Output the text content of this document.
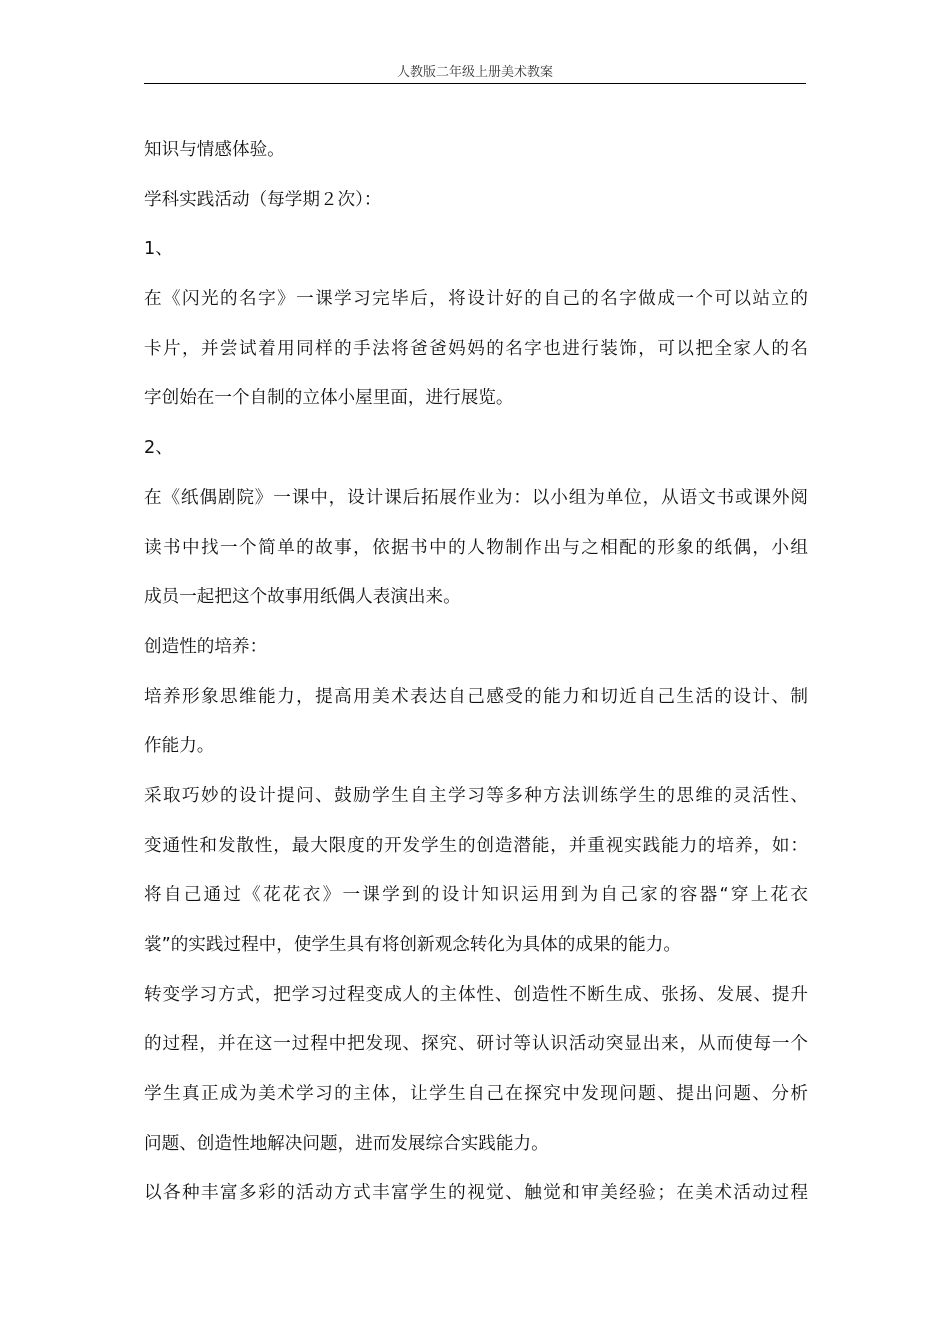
人教版二年级上册美术教案
知识与情感体验。
学科实践活动（每学期２次）：
1、
在《闪光的名字》一课学习完毕后，将设计好的自己的名字做成一个可以站立的
卡片，并尝试着用同样的手法将爸爸妈妈的名字也进行装饰，可以把全家人的名
字创始在一个自制的立体小屋里面，进行展览。
2、
在《纸偶剧院》一课中，设计课后拓展作业为：以小组为单位，从语文书或课外阅
读书中找一个简单的故事，依据书中的人物制作出与之相配的形象的纸偶，小组
成员一起把这个故事用纸偶人表演出来。
创造性的培养：
培养形象思维能力，提高用美术表达自己感受的能力和切近自己生活的设计、制
作能力。
采取巧妙的设计提问、鼓励学生自主学习等多种方法训练学生的思维的灵活性、
变通性和发散性，最大限度的开发学生的创造潜能，并重视实践能力的培养，如：
将自己通过《花花衣》一课学到的设计知识运用到为自己家的容器“穿上花衣
裳”的实践过程中，使学生具有将创新观念转化为具体的成果的能力。
转变学习方式，把学习过程变成人的主体性、创造性不断生成、张扬、发展、提升
的过程，并在这一过程中把发现、探究、研讨等认识活动突显出来，从而使每一个
学生真正成为美术学习的主体，让学生自己在探究中发现问题、提出问题、分析
问题、创造性地解决问题，进而发展综合实践能力。
以各种丰富多彩的活动方式丰富学生的视觉、触觉和审美经验；在美术活动过程
